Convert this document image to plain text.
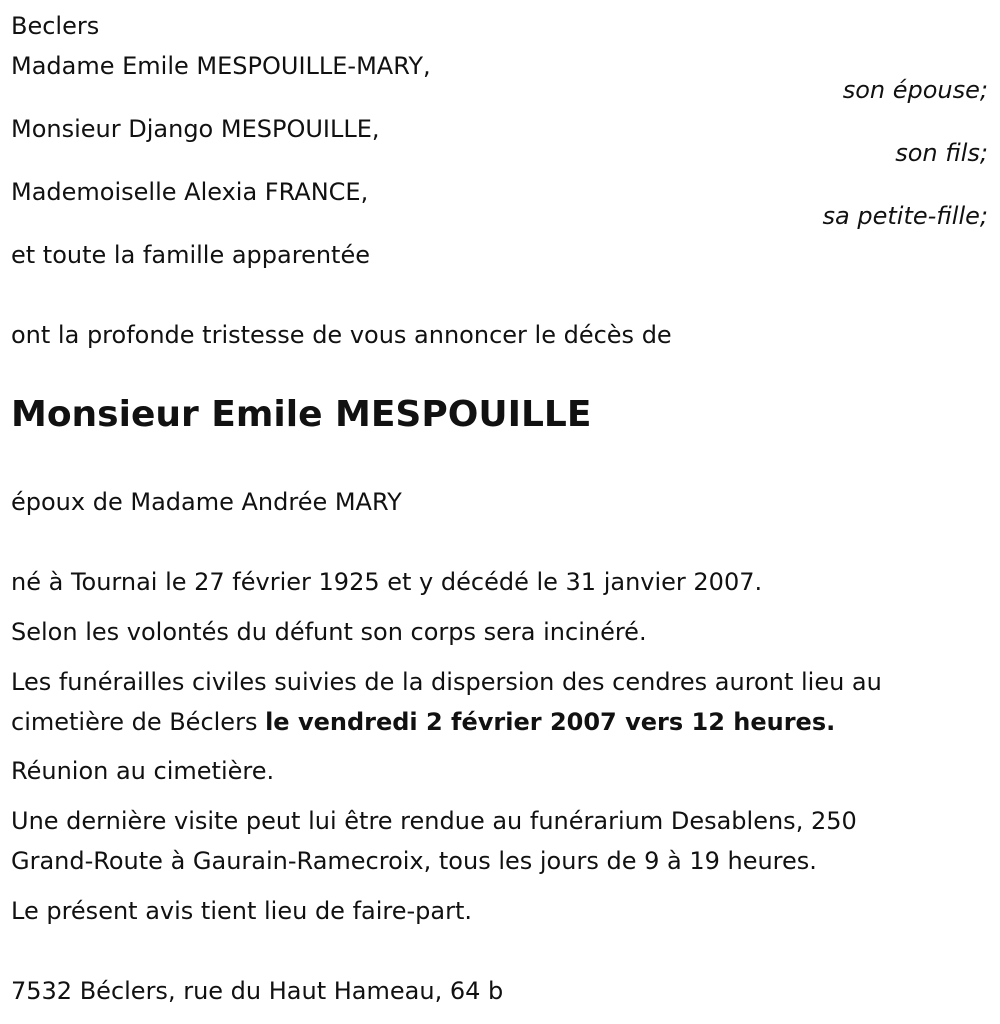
Beclers
Madame Emile MESPOUILLE-MARY,
son épouse;
Monsieur Django MESPOUILLE,
son fils;
Mademoiselle Alexia FRANCE,
sa petite-fille;
et toute la famille apparentée
ont la profonde tristesse de vous annoncer le décès de
Monsieur Emile MESPOUILLE
époux de Madame Andrée MARY
né à Tournai le 27 février 1925 et y décédé le 31 janvier 2007.
Selon les volontés du défunt son corps sera incinéré.
Les funérailles civiles suivies de la dispersion des cendres auront lieu au
cimetière de Béclers le vendredi 2 février 2007 vers 12 heures.
Réunion au cimetière.
Une dernière visite peut lui être rendue au funérarium Desablens, 250
Grand-Route à Gaurain-Ramecroix, tous les jours de 9 à 19 heures.
Le présent avis tient lieu de faire-part.
7532 Béclers, rue du Haut Hameau, 64 b
